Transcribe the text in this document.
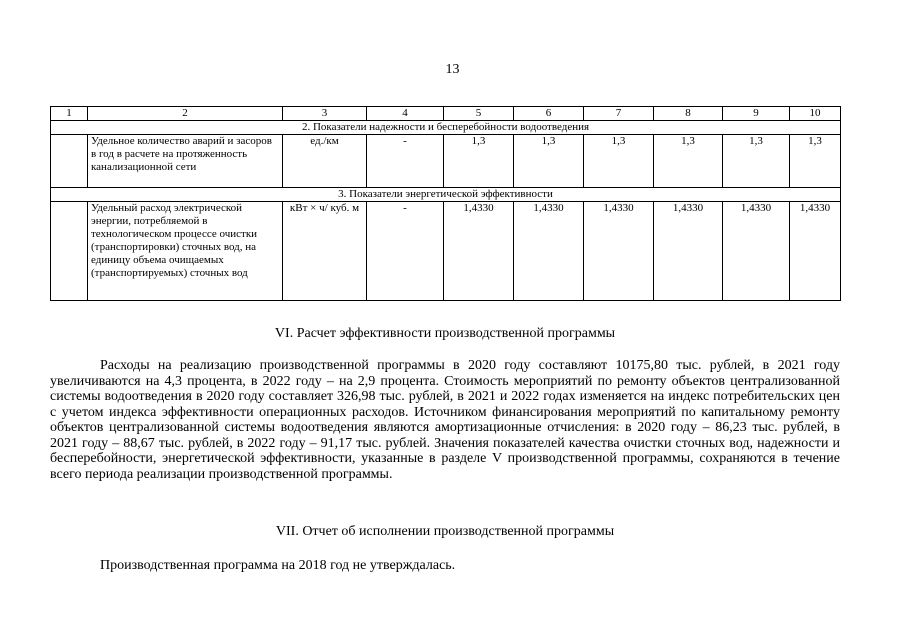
13
1	2	3	4	5	6	7	8	9	10
2. Показатели надежности и бесперебойности водоотведения									
	Удельное количество аварий и засоров в год в расчете на протяженность канализационной сети	ед./км	-	1,3	1,3	1,3	1,3	1,3	1,3
3. Показатели энергетической эффективности									
	Удельный расход электрической энергии, потребляемой в технологическом процессе очистки (транспортировки) сточных вод, на единицу объема очищаемых (транспортируемых) сточных вод	кВт × ч/ куб. м	-	1,4330	1,4330	1,4330	1,4330	1,4330	1,4330
VI. Расчет эффективности производственной программы
Расходы на реализацию производственной программы в 2020 году составляют 10175,80 тыс. рублей, в 2021 году увеличиваются на 4,3 процента, в 2022 году – на 2,9 процента. Стоимость мероприятий по ремонту объектов централизованной системы водоотведения в 2020 году составляет 326,98 тыс. рублей, в 2021 и 2022 годах изменяется на индекс потребительских цен с учетом индекса эффективности операционных расходов. Источником финансирования мероприятий по капитальному ремонту объектов централизованной системы водоотведения являются амортизационные отчисления: в 2020 году – 86,23 тыс. рублей, в 2021 году – 88,67 тыс. рублей, в 2022 году – 91,17 тыс. рублей. Значения показателей качества очистки сточных вод, надежности и бесперебойности, энергетической эффективности, указанные в разделе V производственной программы, сохраняются в течение всего периода реализации производственной программы.
VII. Отчет об исполнении производственной программы
Производственная программа на 2018 год не утверждалась.
